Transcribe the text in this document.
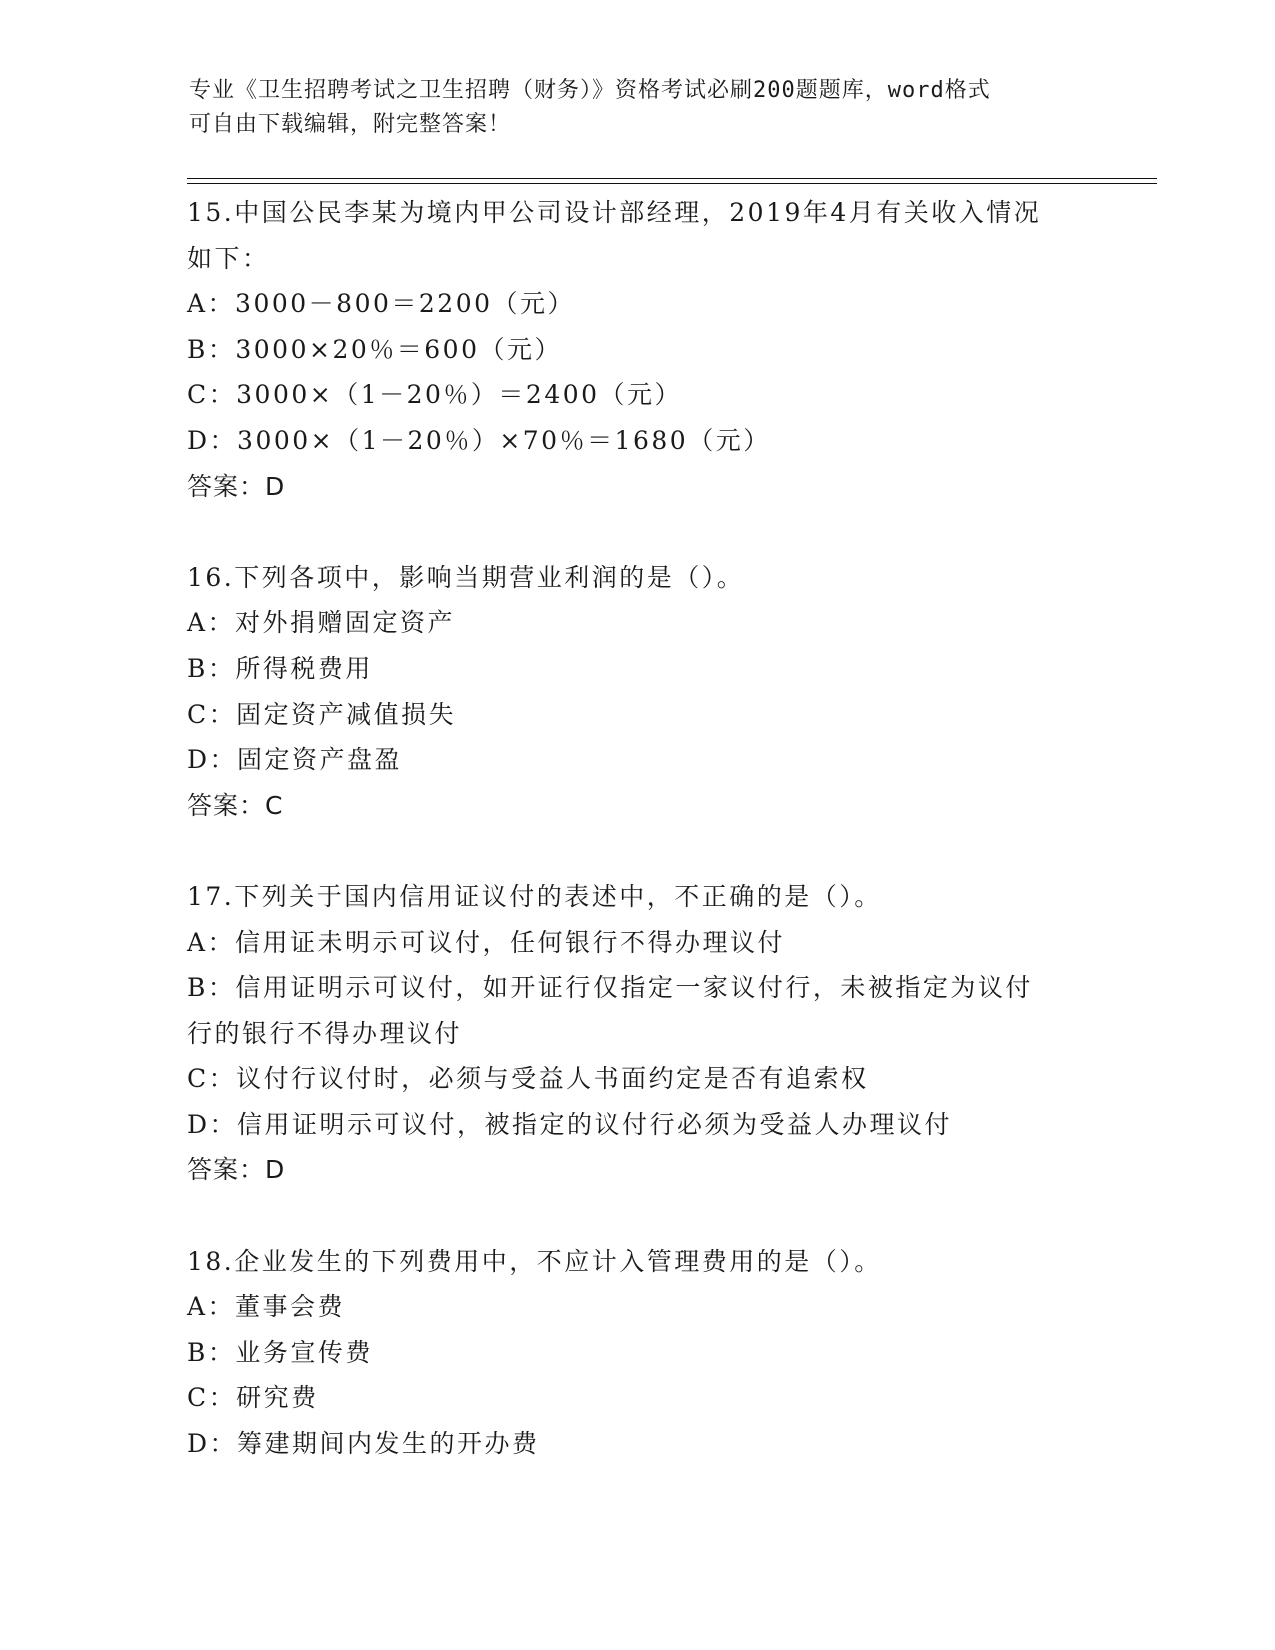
专业《卫生招聘考试之卫生招聘（财务）》资格考试必刷200题题库，word格式
可自由下载编辑，附完整答案！
15.中国公民李某为境内甲公司设计部经理，2019年4月有关收入情况
如下：
A：3000－800＝2200（元）
B：3000×20％＝600（元）
C：3000×（1－20％）＝2400（元）
D：3000×（1－20％）×70％＝1680（元）
答案：D
16.下列各项中，影响当期营业利润的是（）。
A：对外捐赠固定资产
B：所得税费用
C：固定资产减值损失
D：固定资产盘盈
答案：C
17.下列关于国内信用证议付的表述中，不正确的是（）。
A：信用证未明示可议付，任何银行不得办理议付
B：信用证明示可议付，如开证行仅指定一家议付行，未被指定为议付
行的银行不得办理议付
C：议付行议付时，必须与受益人书面约定是否有追索权
D：信用证明示可议付，被指定的议付行必须为受益人办理议付
答案：D
18.企业发生的下列费用中，不应计入管理费用的是（）。
A：董事会费
B：业务宣传费
C：研究费
D：筹建期间内发生的开办费
